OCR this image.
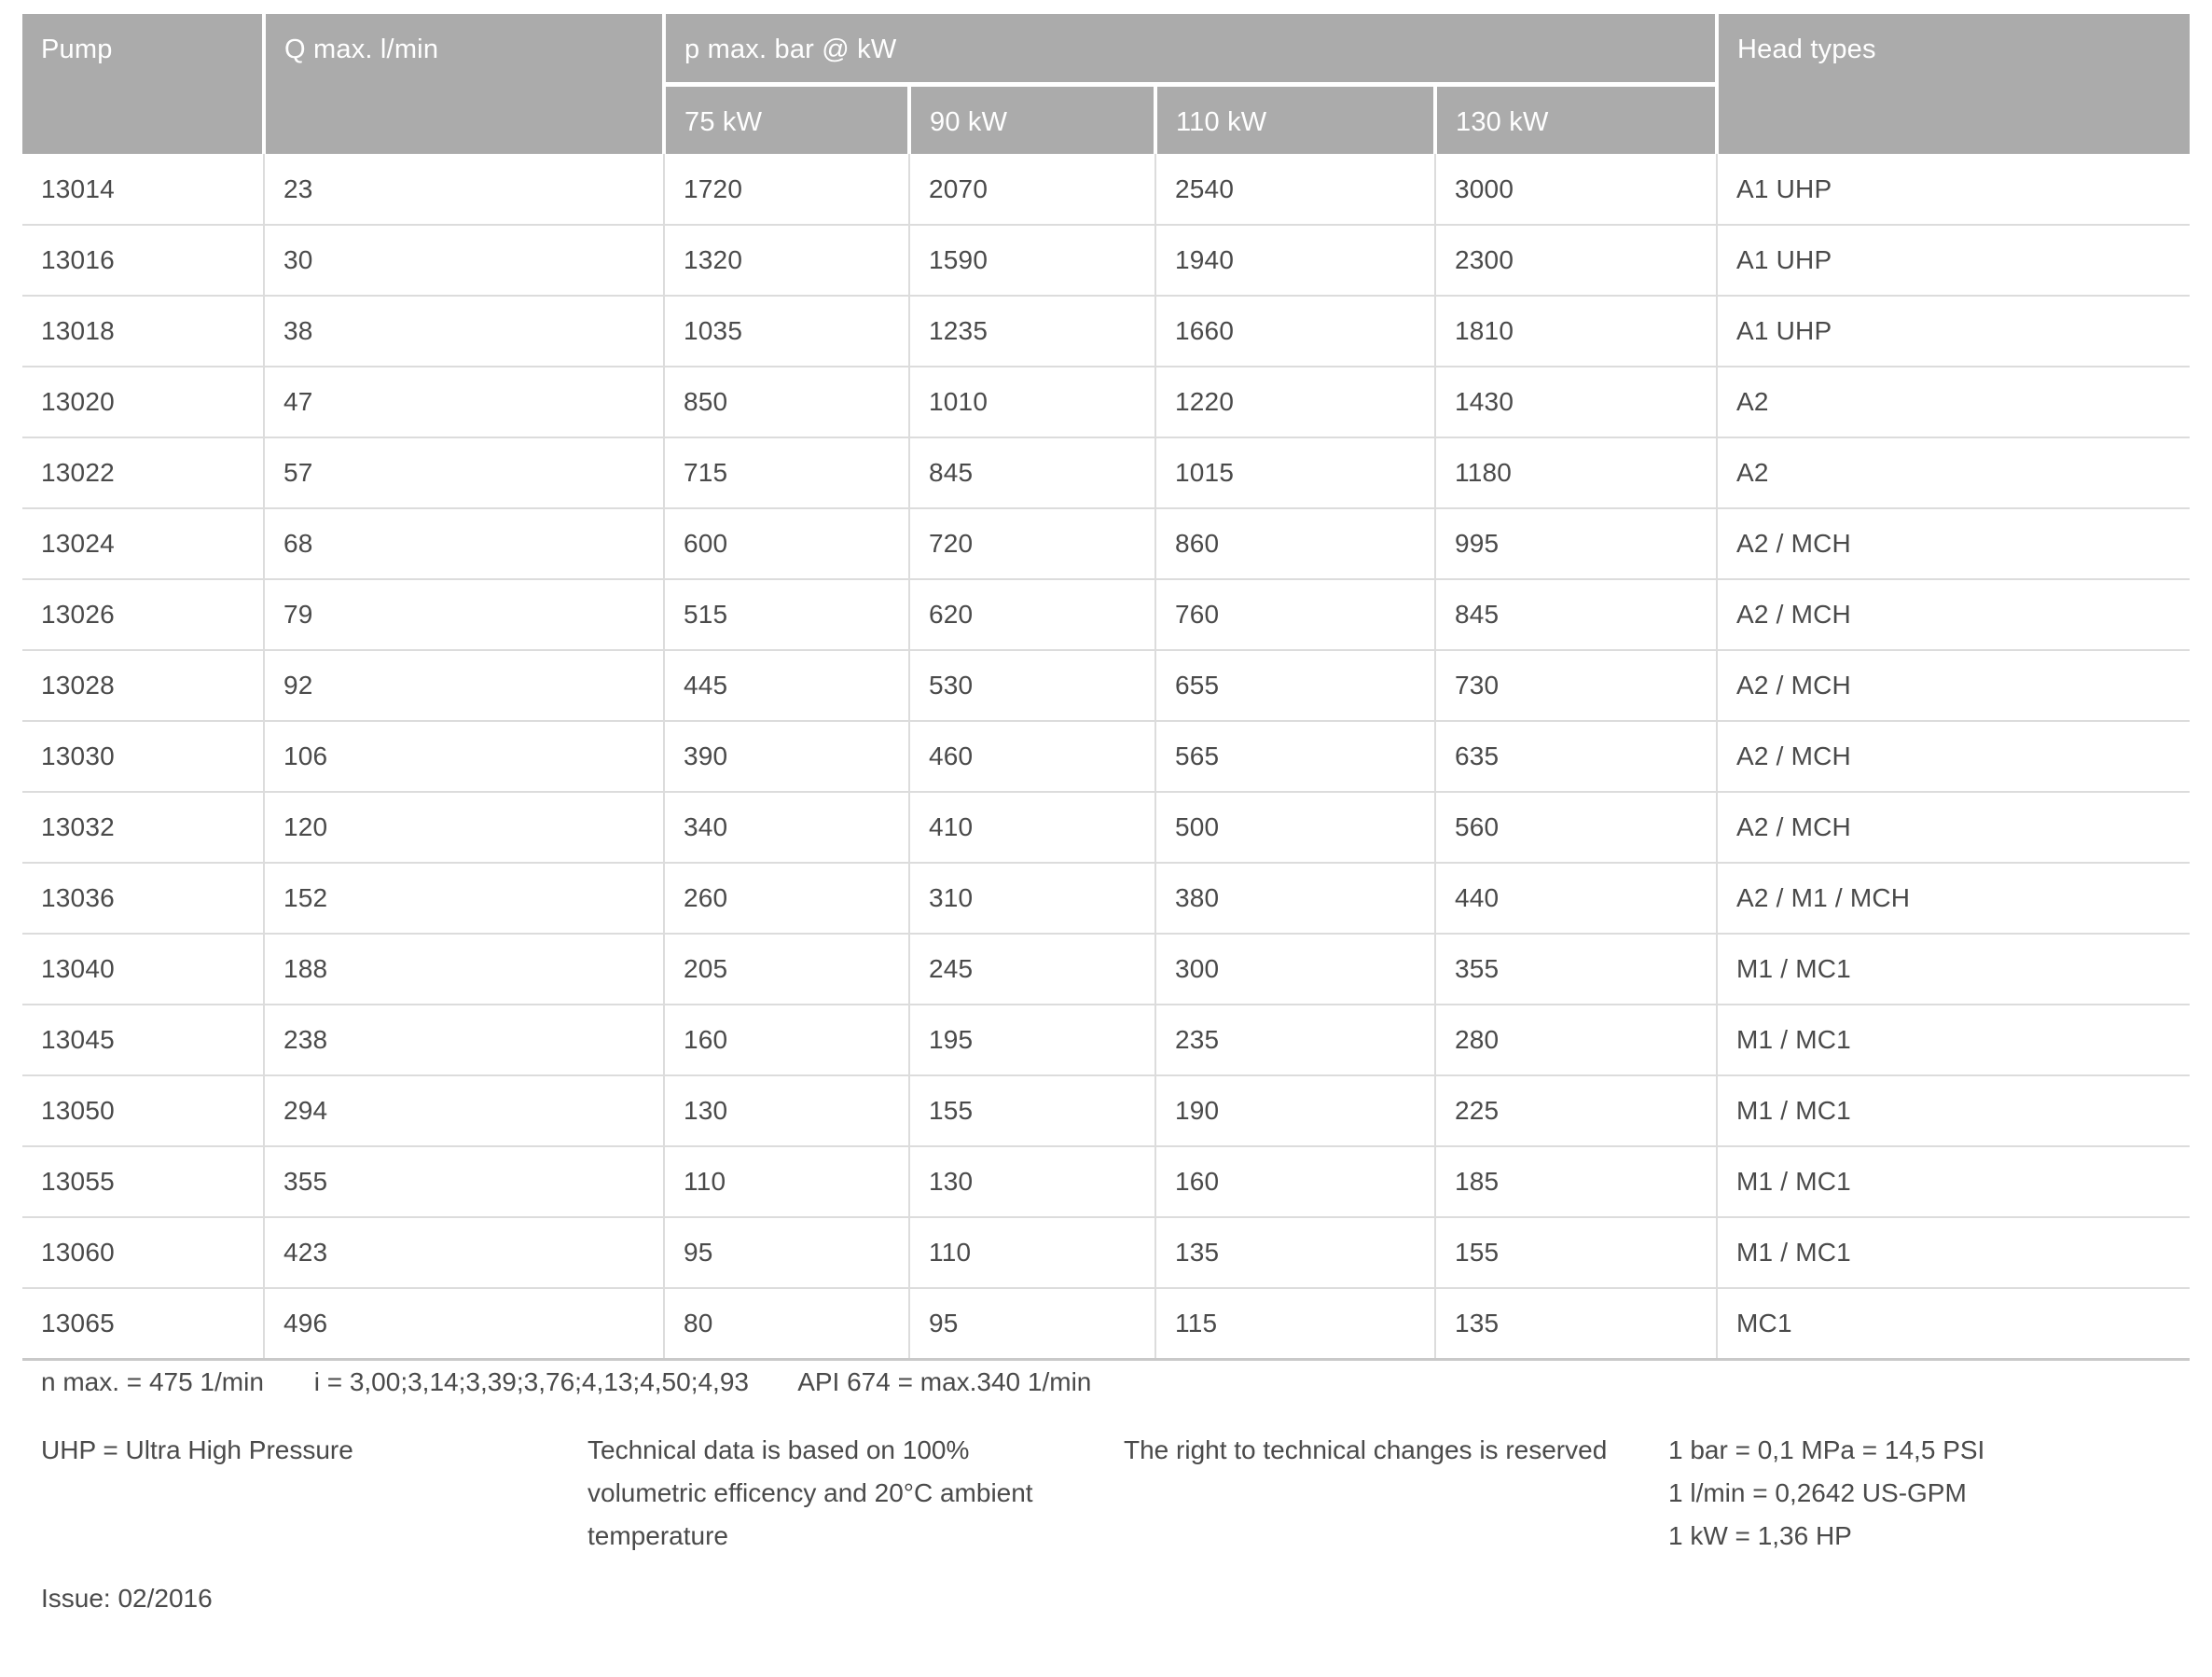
Pump	Q max. l/min	p max. bar @ kW				Head types
		75 kW	90 kW	110 kW	130 kW	
13014	23	1720	2070	2540	3000	A1 UHP
13016	30	1320	1590	1940	2300	A1 UHP
13018	38	1035	1235	1660	1810	A1 UHP
13020	47	850	1010	1220	1430	A2
13022	57	715	845	1015	1180	A2
13024	68	600	720	860	995	A2 / MCH
13026	79	515	620	760	845	A2 / MCH
13028	92	445	530	655	730	A2 / MCH
13030	106	390	460	565	635	A2 / MCH
13032	120	340	410	500	560	A2 / MCH
13036	152	260	310	380	440	A2 / M1 / MCH
13040	188	205	245	300	355	M1 / MC1
13045	238	160	195	235	280	M1 / MC1
13050	294	130	155	190	225	M1 / MC1
13055	355	110	130	160	185	M1 / MC1
13060	423	95	110	135	155	M1 / MC1
13065	496	80	95	115	135	MC1
n max. = 475 1/min i = 3,00;3,14;3,39;3,76;4,13;4,50;4,93 API 674 = max.340 1/min
UHP = Ultra High Pressure	Technical data is based on 100%
volumetric efficency and 20°C ambient
temperature
The right to technical changes is reserved 1 bar = 0,1 MPa = 14,5 PSI
1 l/min = 0,2642 US-GPM
1 kW = 1,36 HP
Issue: 02/2016
